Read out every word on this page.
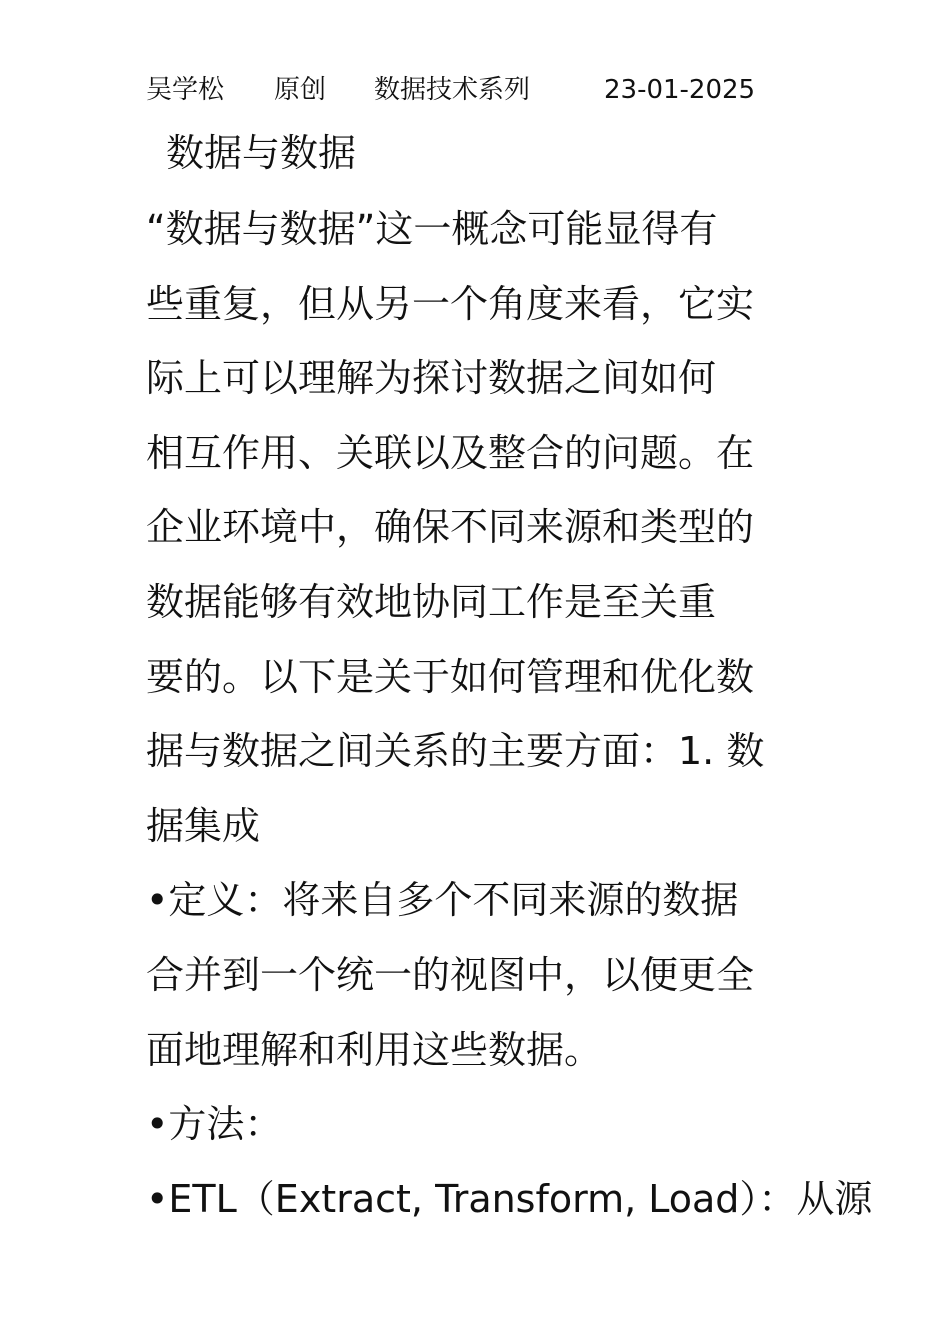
吴学松 原创 数据技术系列	23-01-2025
数据与数据
“数据与数据”这一概念可能显得有
些重复，但从另一个角度来看，它实
际上可以理解为探讨数据之间如何
相互作用、关联以及整合的问题。在
企业环境中，确保不同来源和类型的
数据能够有效地协同工作是至关重
要的。以下是关于如何管理和优化数
据与数据之间关系的主要方面：1. 数
据集成
•定义：将来自多个不同来源的数据
合并到一个统一的视图中，以便更全
面地理解和利用这些数据。
•方法：
•ETL（Extract, Transform, Load）：从源
